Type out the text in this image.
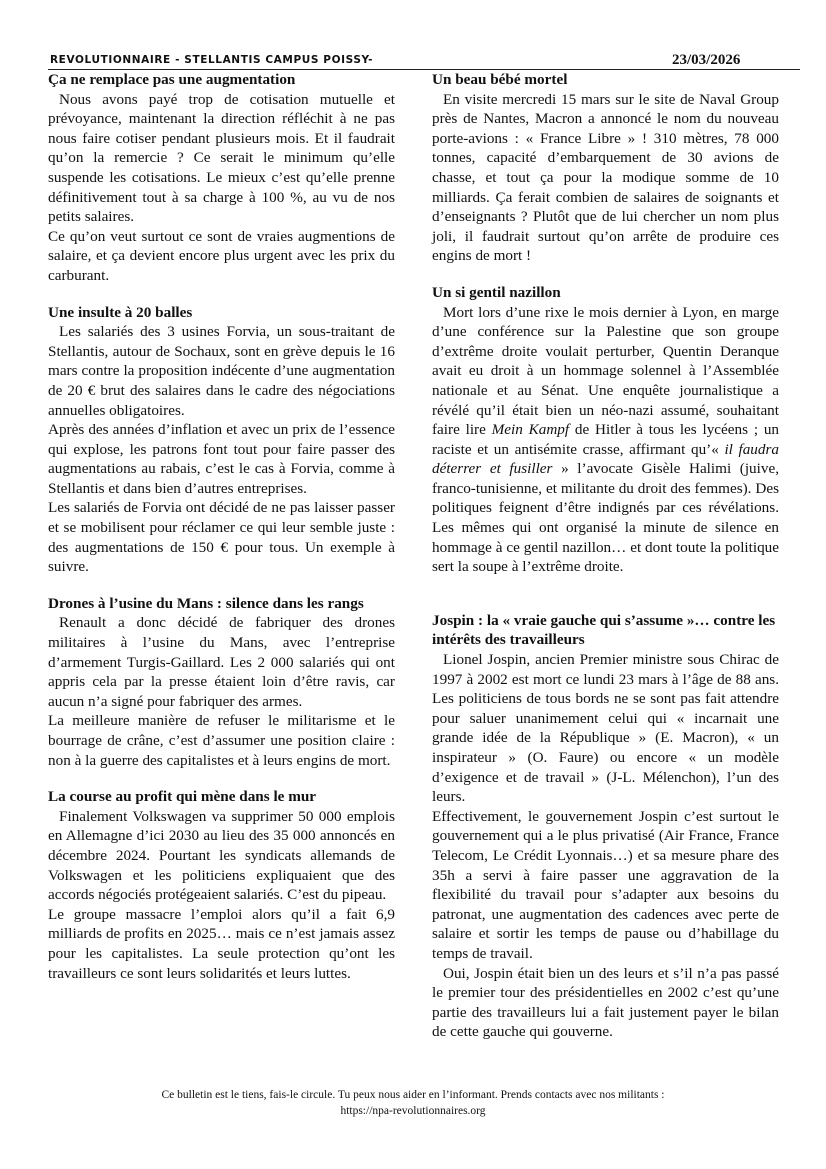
REVOLUTIONNAIRE - STELLANTIS CAMPUS POISSY-	23/03/2026
Ça ne remplace pas une augmentation

Nous avons payé trop de cotisation mutuelle et prévoyance, maintenant la direction réfléchit à ne pas nous faire cotiser pendant plusieurs mois. Et il faudrait qu’on la remercie ? Ce serait le minimum qu’elle suspende les cotisations. Le mieux c’est qu’elle prenne définitivement tout à sa charge à 100 %, au vu de nos petits salaires.

Ce qu’on veut surtout ce sont de vraies augmentions de salaire, et ça devient encore plus urgent avec les prix du carburant.

Une insulte à 20 balles

Les salariés des 3 usines Forvia, un sous-traitant de Stellantis, autour de Sochaux, sont en grève depuis le 16 mars contre la proposition indécente d’une augmentation de 20 € brut des salaires dans le cadre des négociations annuelles obligatoires.

Après des années d’inflation et avec un prix de l’essence qui explose, les patrons font tout pour faire passer des augmentations au rabais, c’est le cas à Forvia, comme à Stellantis et dans bien d’autres entreprises.

Les salariés de Forvia ont décidé de ne pas laisser passer et se mobilisent pour réclamer ce qui leur semble juste : des augmentations de 150 € pour tous. Un exemple à suivre.

Drones à l’usine du Mans : silence dans les rangs

Renault a donc décidé de fabriquer des drones militaires à l’usine du Mans, avec l’entreprise d’armement Turgis-Gaillard. Les 2 000 salariés qui ont appris cela par la presse étaient loin d’être ravis, car aucun n’a signé pour fabriquer des armes.

La meilleure manière de refuser le militarisme et le bourrage de crâne, c’est d’assumer une position claire : non à la guerre des capitalistes et à leurs engins de mort.

La course au profit qui mène dans le mur

Finalement Volkswagen va supprimer 50 000 emplois en Allemagne d’ici 2030 au lieu des 35 000 annoncés en décembre 2024. Pourtant les syndicats allemands de Volkswagen et les politiciens expliquaient que des accords négociés protégeaient salariés. C’est du pipeau.

Le groupe massacre l’emploi alors qu’il a fait 6,9 milliards de profits en 2025… mais ce n’est jamais assez pour les capitalistes. La seule protection qu’ont les travailleurs ce sont leurs solidarités et leurs luttes.

Un beau bébé mortel

En visite mercredi 15 mars sur le site de Naval Group près de Nantes, Macron a annoncé le nom du nouveau porte-avions : « France Libre » ! 310 mètres, 78 000 tonnes, capacité d’embarquement de 30 avions de chasse, et tout ça pour la modique somme de 10 milliards. Ça ferait combien de salaires de soignants et d’enseignants ? Plutôt que de lui chercher un nom plus joli, il faudrait surtout qu’on arrête de produire ces engins de mort !

Un si gentil nazillon

Mort lors d’une rixe le mois dernier à Lyon, en marge d’une conférence sur la Palestine que son groupe d’extrême droite voulait perturber, Quentin Deranque avait eu droit à un hommage solennel à l’Assemblée nationale et au Sénat. Une enquête journalistique a révélé qu’il était bien un néo-nazi assumé, souhaitant faire lire Mein Kampf de Hitler à tous les lycéens ; un raciste et un antisémite crasse, affirmant qu’« il faudra déterrer et fusiller » l’avocate Gisèle Halimi (juive, franco-tunisienne, et militante du droit des femmes). Des politiques feignent d’être indignés par ces révélations. Les mêmes qui ont organisé la minute de silence en hommage à ce gentil nazillon… et dont toute la politique sert la soupe à l’extrême droite.

Jospin : la « vraie gauche qui s’assume »… contre les intérêts des travailleurs

Lionel Jospin, ancien Premier ministre sous Chirac de 1997 à 2002 est mort ce lundi 23 mars à l’âge de 88 ans. Les politiciens de tous bords ne se sont pas fait attendre pour saluer unanimement celui qui « incarnait une grande idée de la République » (E. Macron), « un inspirateur » (O. Faure) ou encore « un modèle d’exigence et de travail » (J-L. Mélenchon), l’un des leurs.

Effectivement, le gouvernement Jospin c’est surtout le gouvernement qui a le plus privatisé (Air France, France Telecom, Le Crédit Lyonnais…) et sa mesure phare des 35h a servi à faire passer une aggravation de la flexibilité du travail pour s’adapter aux besoins du patronat, une augmentation des cadences avec perte de salaire et sortir les temps de pause ou d’habillage du temps de travail.

Oui, Jospin était bien un des leurs et s’il n’a pas passé le premier tour des présidentielles en 2002 c’est qu’une partie des travailleurs lui a fait justement payer le bilan de cette gauche qui gouverne.

Ce bulletin est le tiens, fais-le circule. Tu peux nous aider en l’informant. Prends contacts avec nos militants :
https://npa-revolutionnaires.org
